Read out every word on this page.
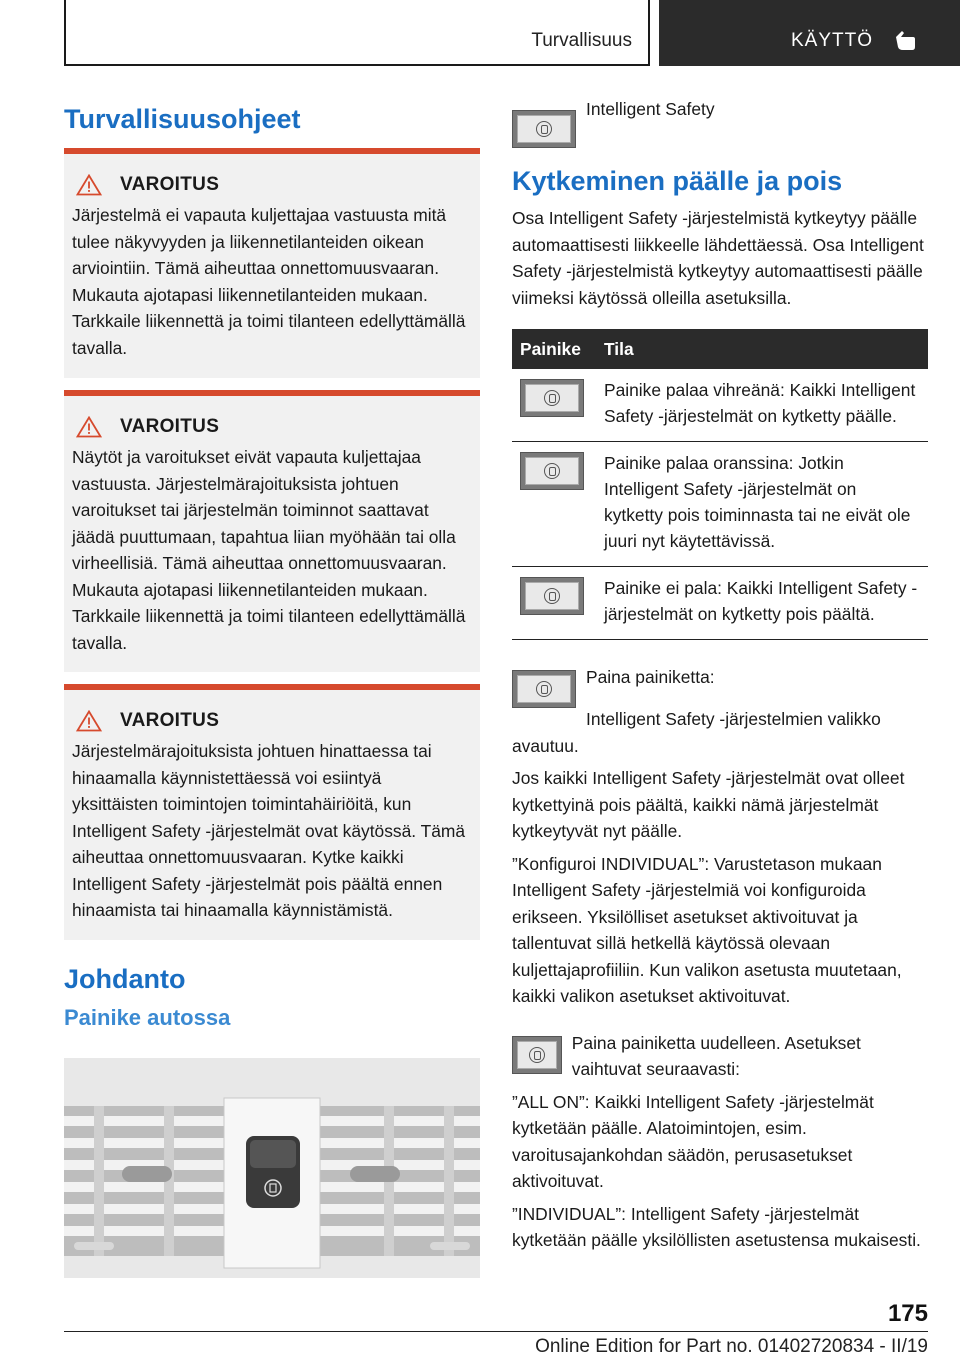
Turvallisuus	KÄYTTÖ
Turvallisuusohjeet
VAROITUS

Järjestelmä ei vapauta kuljettajaa vastuusta mitä tulee näkyvyyden ja liikennetilanteiden oikean arviointiin. Tämä aiheuttaa onnettomuusvaaran. Mukauta ajotapasi liikennetilanteiden mukaan. Tarkkaile liikennettä ja toimi tilanteen edellyttämällä tavalla.

VAROITUS

Näytöt ja varoitukset eivät vapauta kuljettajaa vastuusta. Järjestelmärajoituksista johtuen varoitukset tai järjestelmän toiminnot saattavat jäädä puuttumaan, tapahtua liian myöhään tai olla virheellisiä. Tämä aiheuttaa onnettomuusvaaran. Mukauta ajotapasi liikennetilanteiden mukaan. Tarkkaile liikennettä ja toimi tilanteen edellyttämällä tavalla.

VAROITUS

Järjestelmärajoituksista johtuen hinattaessa tai hinaamalla käynnistettäessä voi esiintyä yksittäisten toimintojen toimintahäiriöitä, kun Intelligent Safety -järjestelmät ovat käytössä. Tämä aiheuttaa onnettomuusvaaran. Kytke kaikki Intelligent Safety -järjestelmät pois päältä ennen hinaamista tai hinaamalla käynnistämistä.

Johdanto
Painike autossa
Intelligent Safety
Kytkeminen päälle ja pois

Osa Intelligent Safety -järjestelmistä kytkeytyy päälle automaattisesti liikkeelle lähdettäessä. Osa Intelligent Safety -järjestelmistä kytkeytyy automaattisesti päälle viimeksi käytössä olleilla asetuksilla.

Painike	Tila

	Painike palaa vihreänä: Kaikki Intelligent Safety -järjestelmät on kytketty päälle.

	Painike palaa oranssina: Jotkin Intelligent Safety -järjestelmät on kytketty pois toiminnasta tai ne eivät ole juuri nyt käytettävissä.

	Painike ei pala: Kaikki Intelligent Safety -järjestelmät on kytketty pois päältä.
Paina painiketta:

Intelligent Safety -järjestelmien valikko avautuu.

Jos kaikki Intelligent Safety -järjestelmät ovat olleet kytkettyinä pois päältä, kaikki nämä järjestelmät kytkeytyvät nyt päälle.

”Konfiguroi INDIVIDUAL”: Varustetason mukaan Intelligent Safety -järjestelmiä voi konfiguroida erikseen. Yksilölliset asetukset aktivoituvat ja tallentuvat sillä hetkellä käytössä olevaan kuljettajaprofiiliin. Kun valikon asetusta muutetaan, kaikki valikon asetukset aktivoituvat.

Paina painiketta uudelleen. Asetukset vaihtuvat seuraavasti:

”ALL ON”: Kaikki Intelligent Safety -järjestelmät kytketään päälle. Alatoimintojen, esim. varoitusajankohdan säädön, perusasetukset aktivoituvat.

”INDIVIDUAL”: Intelligent Safety -järjestelmät kytketään päälle yksilöllisten asetustensa mukaisesti.

175
Online Edition for Part no. 01402720834 - II/19
